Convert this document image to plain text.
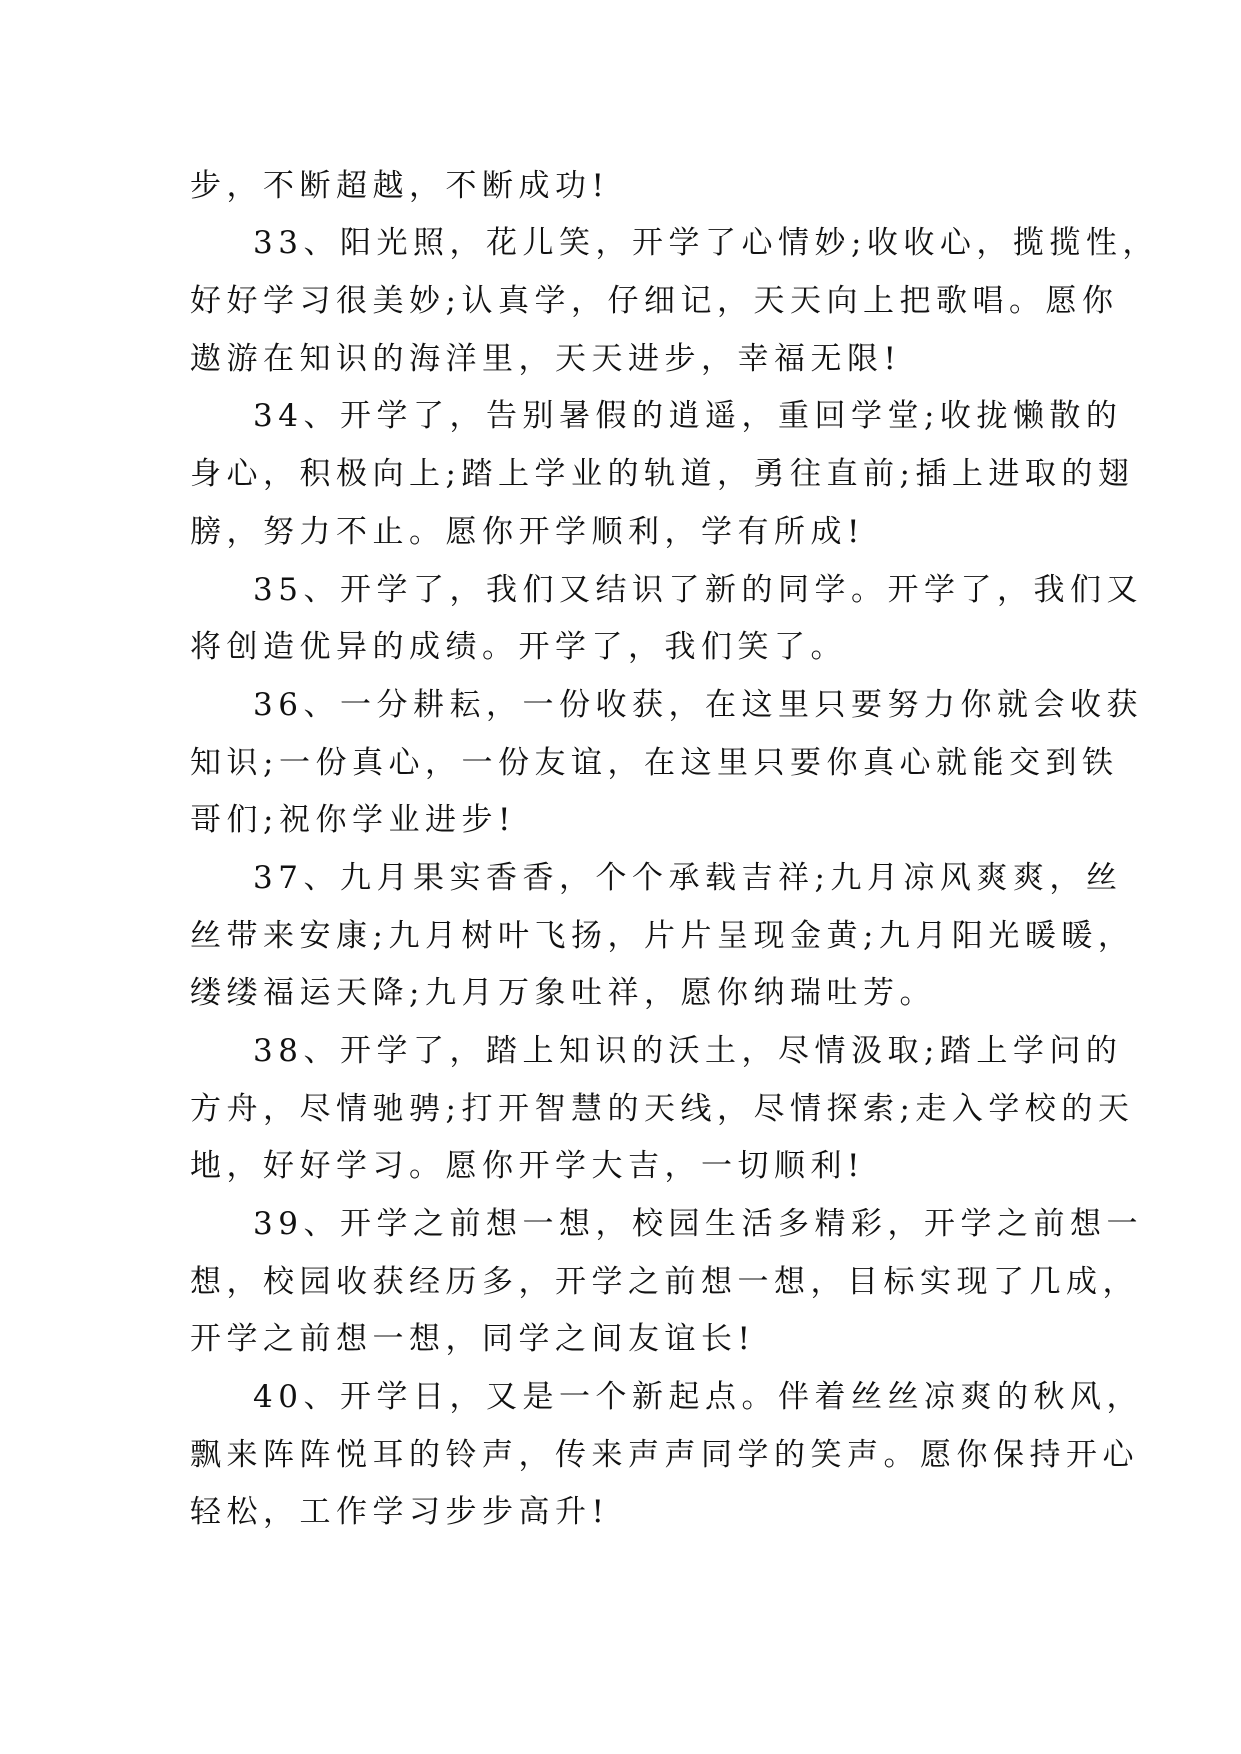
步，不断超越，不断成功!
33、阳光照，花儿笑，开学了心情妙;收收心，揽揽性，
好好学习很美妙;认真学，仔细记，天天向上把歌唱。愿你
遨游在知识的海洋里，天天进步，幸福无限!
34、开学了，告别暑假的逍遥，重回学堂;收拢懒散的
身心，积极向上;踏上学业的轨道，勇往直前;插上进取的翅
膀，努力不止。愿你开学顺利，学有所成!
35、开学了，我们又结识了新的同学。开学了，我们又
将创造优异的成绩。开学了，我们笑了。
36、一分耕耘，一份收获，在这里只要努力你就会收获
知识;一份真心，一份友谊，在这里只要你真心就能交到铁
哥们;祝你学业进步!
37、九月果实香香，个个承载吉祥;九月凉风爽爽，丝
丝带来安康;九月树叶飞扬，片片呈现金黄;九月阳光暖暖，
缕缕福运天降;九月万象吐祥，愿你纳瑞吐芳。
38、开学了，踏上知识的沃土，尽情汲取;踏上学问的
方舟，尽情驰骋;打开智慧的天线，尽情探索;走入学校的天
地，好好学习。愿你开学大吉，一切顺利!
39、开学之前想一想，校园生活多精彩，开学之前想一
想，校园收获经历多，开学之前想一想，目标实现了几成，
开学之前想一想，同学之间友谊长!
40、开学日，又是一个新起点。伴着丝丝凉爽的秋风，
飘来阵阵悦耳的铃声，传来声声同学的笑声。愿你保持开心
轻松，工作学习步步高升!
